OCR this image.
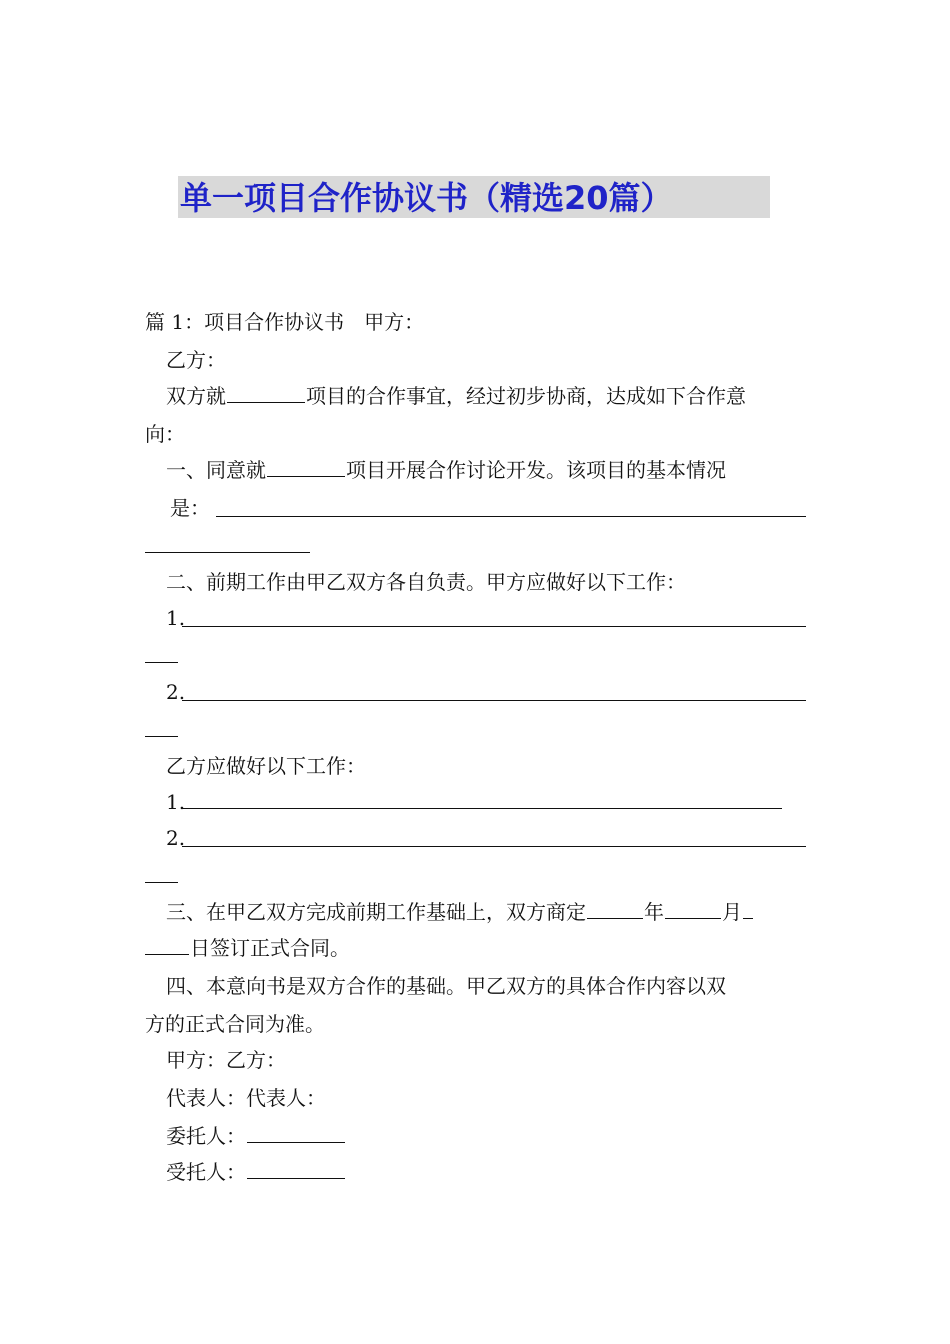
单一项目合作协议书（精选20篇）
篇 1：项目合作协议书　甲方：
乙方：
双方就	项目的合作事宜，经过初步协商，达成如下合作意
向：
一、同意就	项目开展合作讨论开发。该项目的基本情况
是：
二、前期工作由甲乙双方各自负责。甲方应做好以下工作：
1.
2.
乙方应做好以下工作：
1.
2.
三、在甲乙双方完成前期工作基础上，双方商定	年	月
日签订正式合同。
四、本意向书是双方合作的基础。甲乙双方的具体合作内容以双
方的正式合同为准。
甲方：乙方：
代表人：代表人：
委托人：
受托人：
